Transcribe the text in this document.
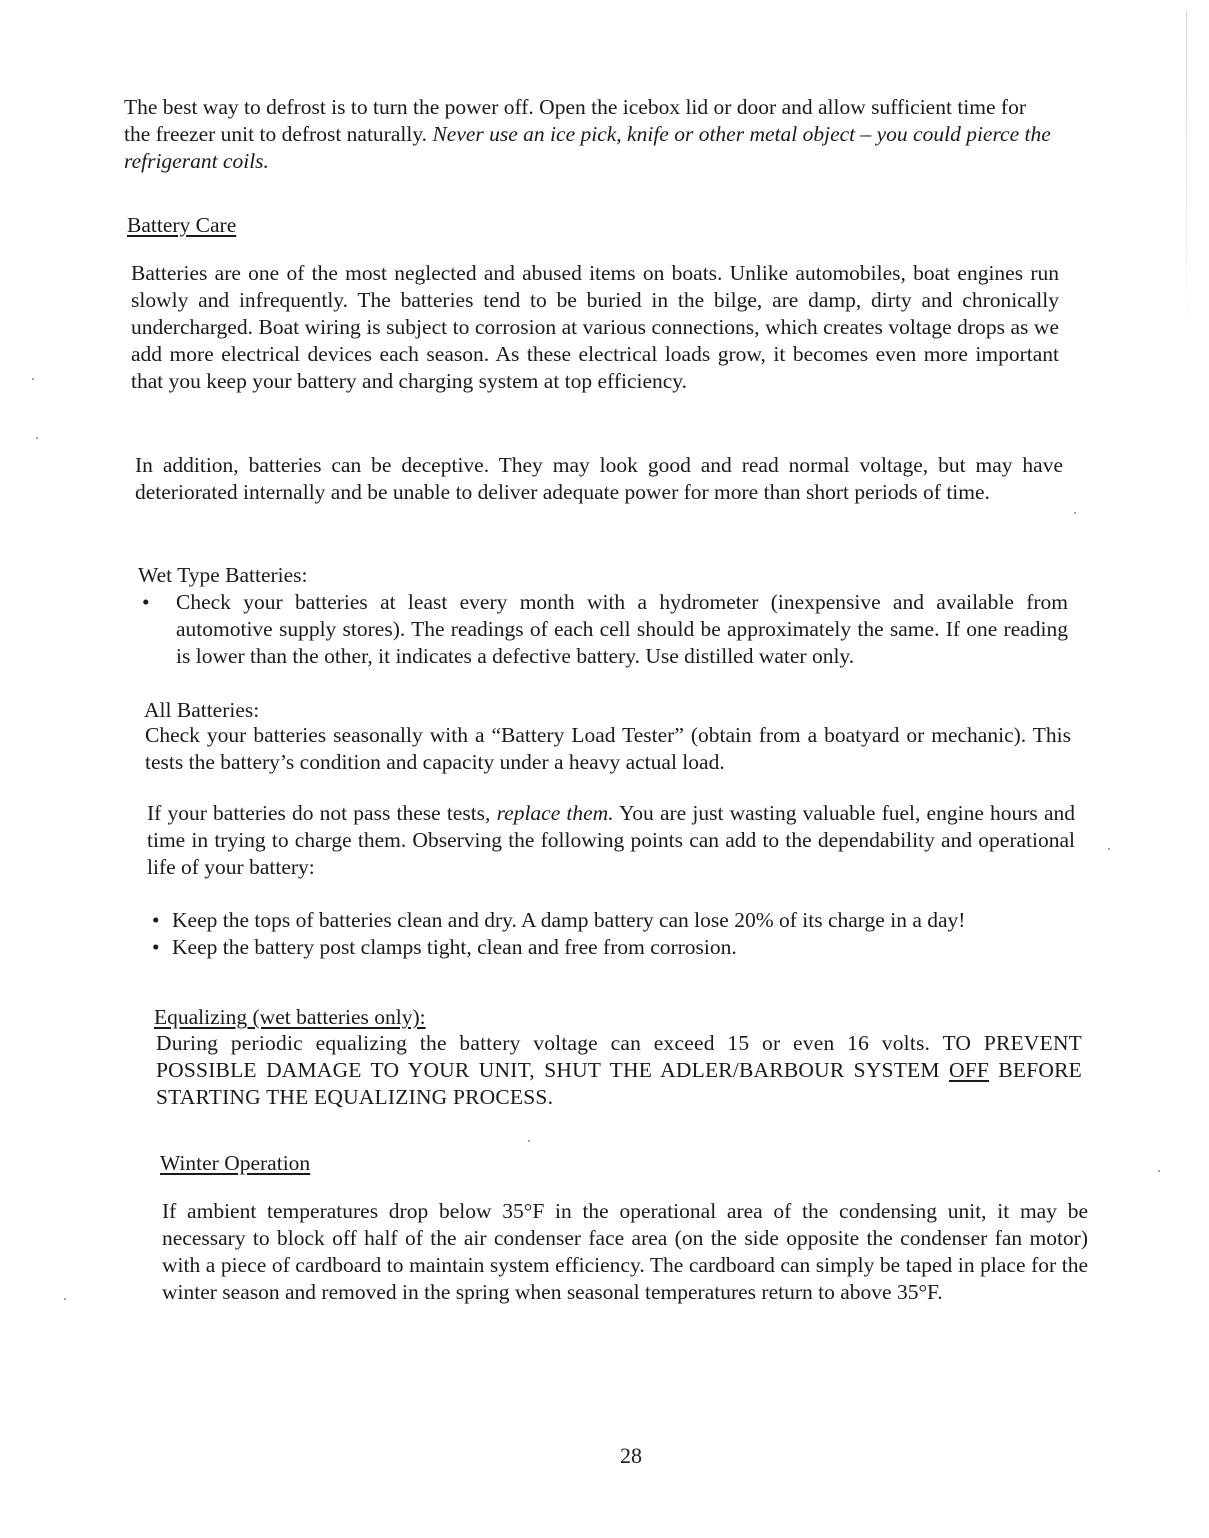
The best way to defrost is to turn the power off. Open the icebox lid or door and allow sufficient time for the freezer unit to defrost naturally. Never use an ice pick, knife or other metal object – you could pierce the refrigerant coils.

Battery Care

Batteries are one of the most neglected and abused items on boats. Unlike automobiles, boat engines run slowly and infrequently. The batteries tend to be buried in the bilge, are damp, dirty and chronically undercharged. Boat wiring is subject to corrosion at various connections, which creates voltage drops as we add more electrical devices each season. As these electrical loads grow, it becomes even more important that you keep your battery and charging system at top efficiency.

In addition, batteries can be deceptive. They may look good and read normal voltage, but may have deteriorated internally and be unable to deliver adequate power for more than short periods of time.

Wet Type Batteries:

• Check your batteries at least every month with a hydrometer (inexpensive and available from automotive supply stores). The readings of each cell should be approximately the same. If one reading is lower than the other, it indicates a defective battery. Use distilled water only.

All Batteries:

Check your batteries seasonally with a “Battery Load Tester” (obtain from a boatyard or mechanic). This tests the battery’s condition and capacity under a heavy actual load.

If your batteries do not pass these tests, replace them. You are just wasting valuable fuel, engine hours and time in trying to charge them. Observing the following points can add to the dependability and operational life of your battery:

• Keep the tops of batteries clean and dry. A damp battery can lose 20% of its charge in a day!
• Keep the battery post clamps tight, clean and free from corrosion.

Equalizing (wet batteries only):

During periodic equalizing the battery voltage can exceed 15 or even 16 volts. TO PREVENT POSSIBLE DAMAGE TO YOUR UNIT, SHUT THE ADLER/BARBOUR SYSTEM OFF BEFORE STARTING THE EQUALIZING PROCESS.

Winter Operation

If ambient temperatures drop below 35°F in the operational area of the condensing unit, it may be necessary to block off half of the air condenser face area (on the side opposite the condenser fan motor) with a piece of cardboard to maintain system efficiency. The cardboard can simply be taped in place for the winter season and removed in the spring when seasonal temperatures return to above 35°F.

28
